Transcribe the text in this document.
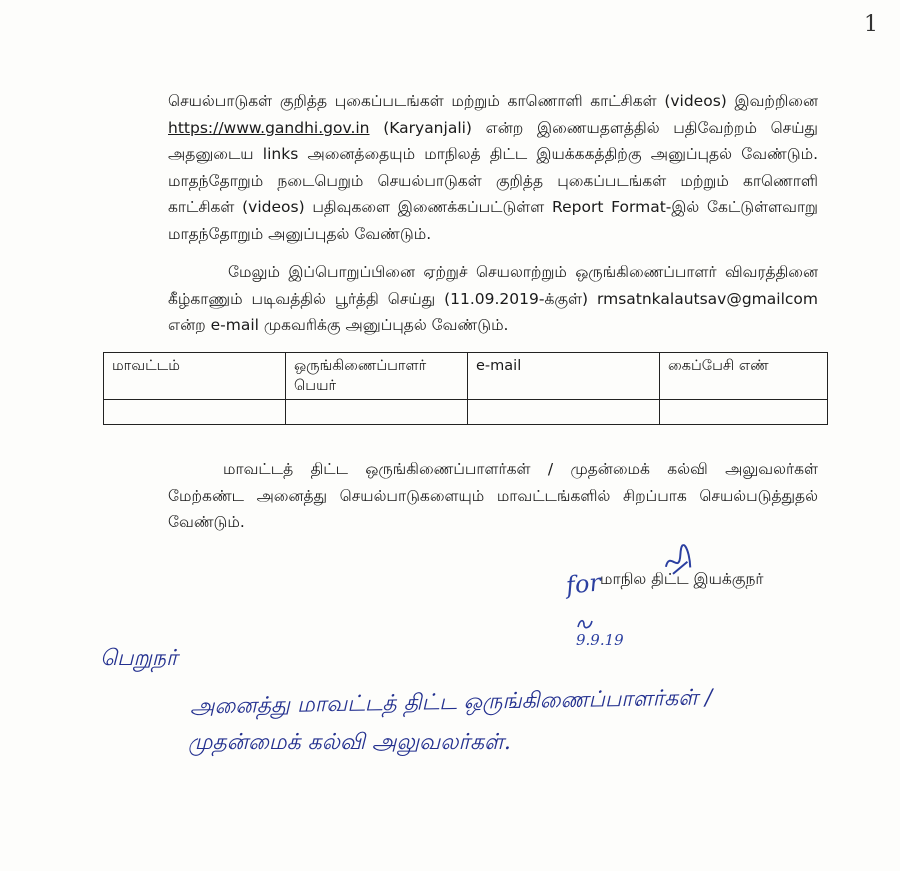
1
செயல்பாடுகள் குறித்த புகைப்படங்கள் மற்றும் காணொளி காட்சிகள் (videos) இவற்றினை https://www.gandhi.gov.in (Karyanjali) என்ற இணையதளத்தில் பதிவேற்றம் செய்து அதனுடைய links அனைத்தையும் மாநிலத் திட்ட இயக்ககத்திற்கு அனுப்புதல் வேண்டும். மாதந்தோறும் நடைபெறும் செயல்பாடுகள் குறித்த புகைப்படங்கள் மற்றும் காணொளி காட்சிகள் (videos) பதிவுகளை இணைக்கப்பட்டுள்ள Report Format-இல் கேட்டுள்ளவாறு மாதந்தோறும் அனுப்புதல் வேண்டும்.
மேலும் இப்பொறுப்பினை ஏற்றுச் செயலாற்றும் ஒருங்கிணைப்பாளர் விவரத்தினை கீழ்காணும் படிவத்தில் பூர்த்தி செய்து (11.09.2019-க்குள்) rmsatnkalautsav@gmailcom என்ற e-mail முகவரிக்கு அனுப்புதல் வேண்டும்.
மாவட்டம்	ஒருங்கிணைப்பாளர் பெயர்	e-mail	கைப்பேசி எண்

மாவட்டத் திட்ட ஒருங்கிணைப்பாளர்கள் / முதன்மைக் கல்வி அலுவலர்கள் மேற்கண்ட அனைத்து செயல்பாடுகளையும் மாவட்டங்களில் சிறப்பாக செயல்படுத்துதல் வேண்டும்.
for
மாநில திட்ட இயக்குநர்

9.9.19
பெறுநர்
அனைத்து மாவட்டத் திட்ட ஒருங்கிணைப்பாளர்கள் /
முதன்மைக் கல்வி அலுவலர்கள்.
